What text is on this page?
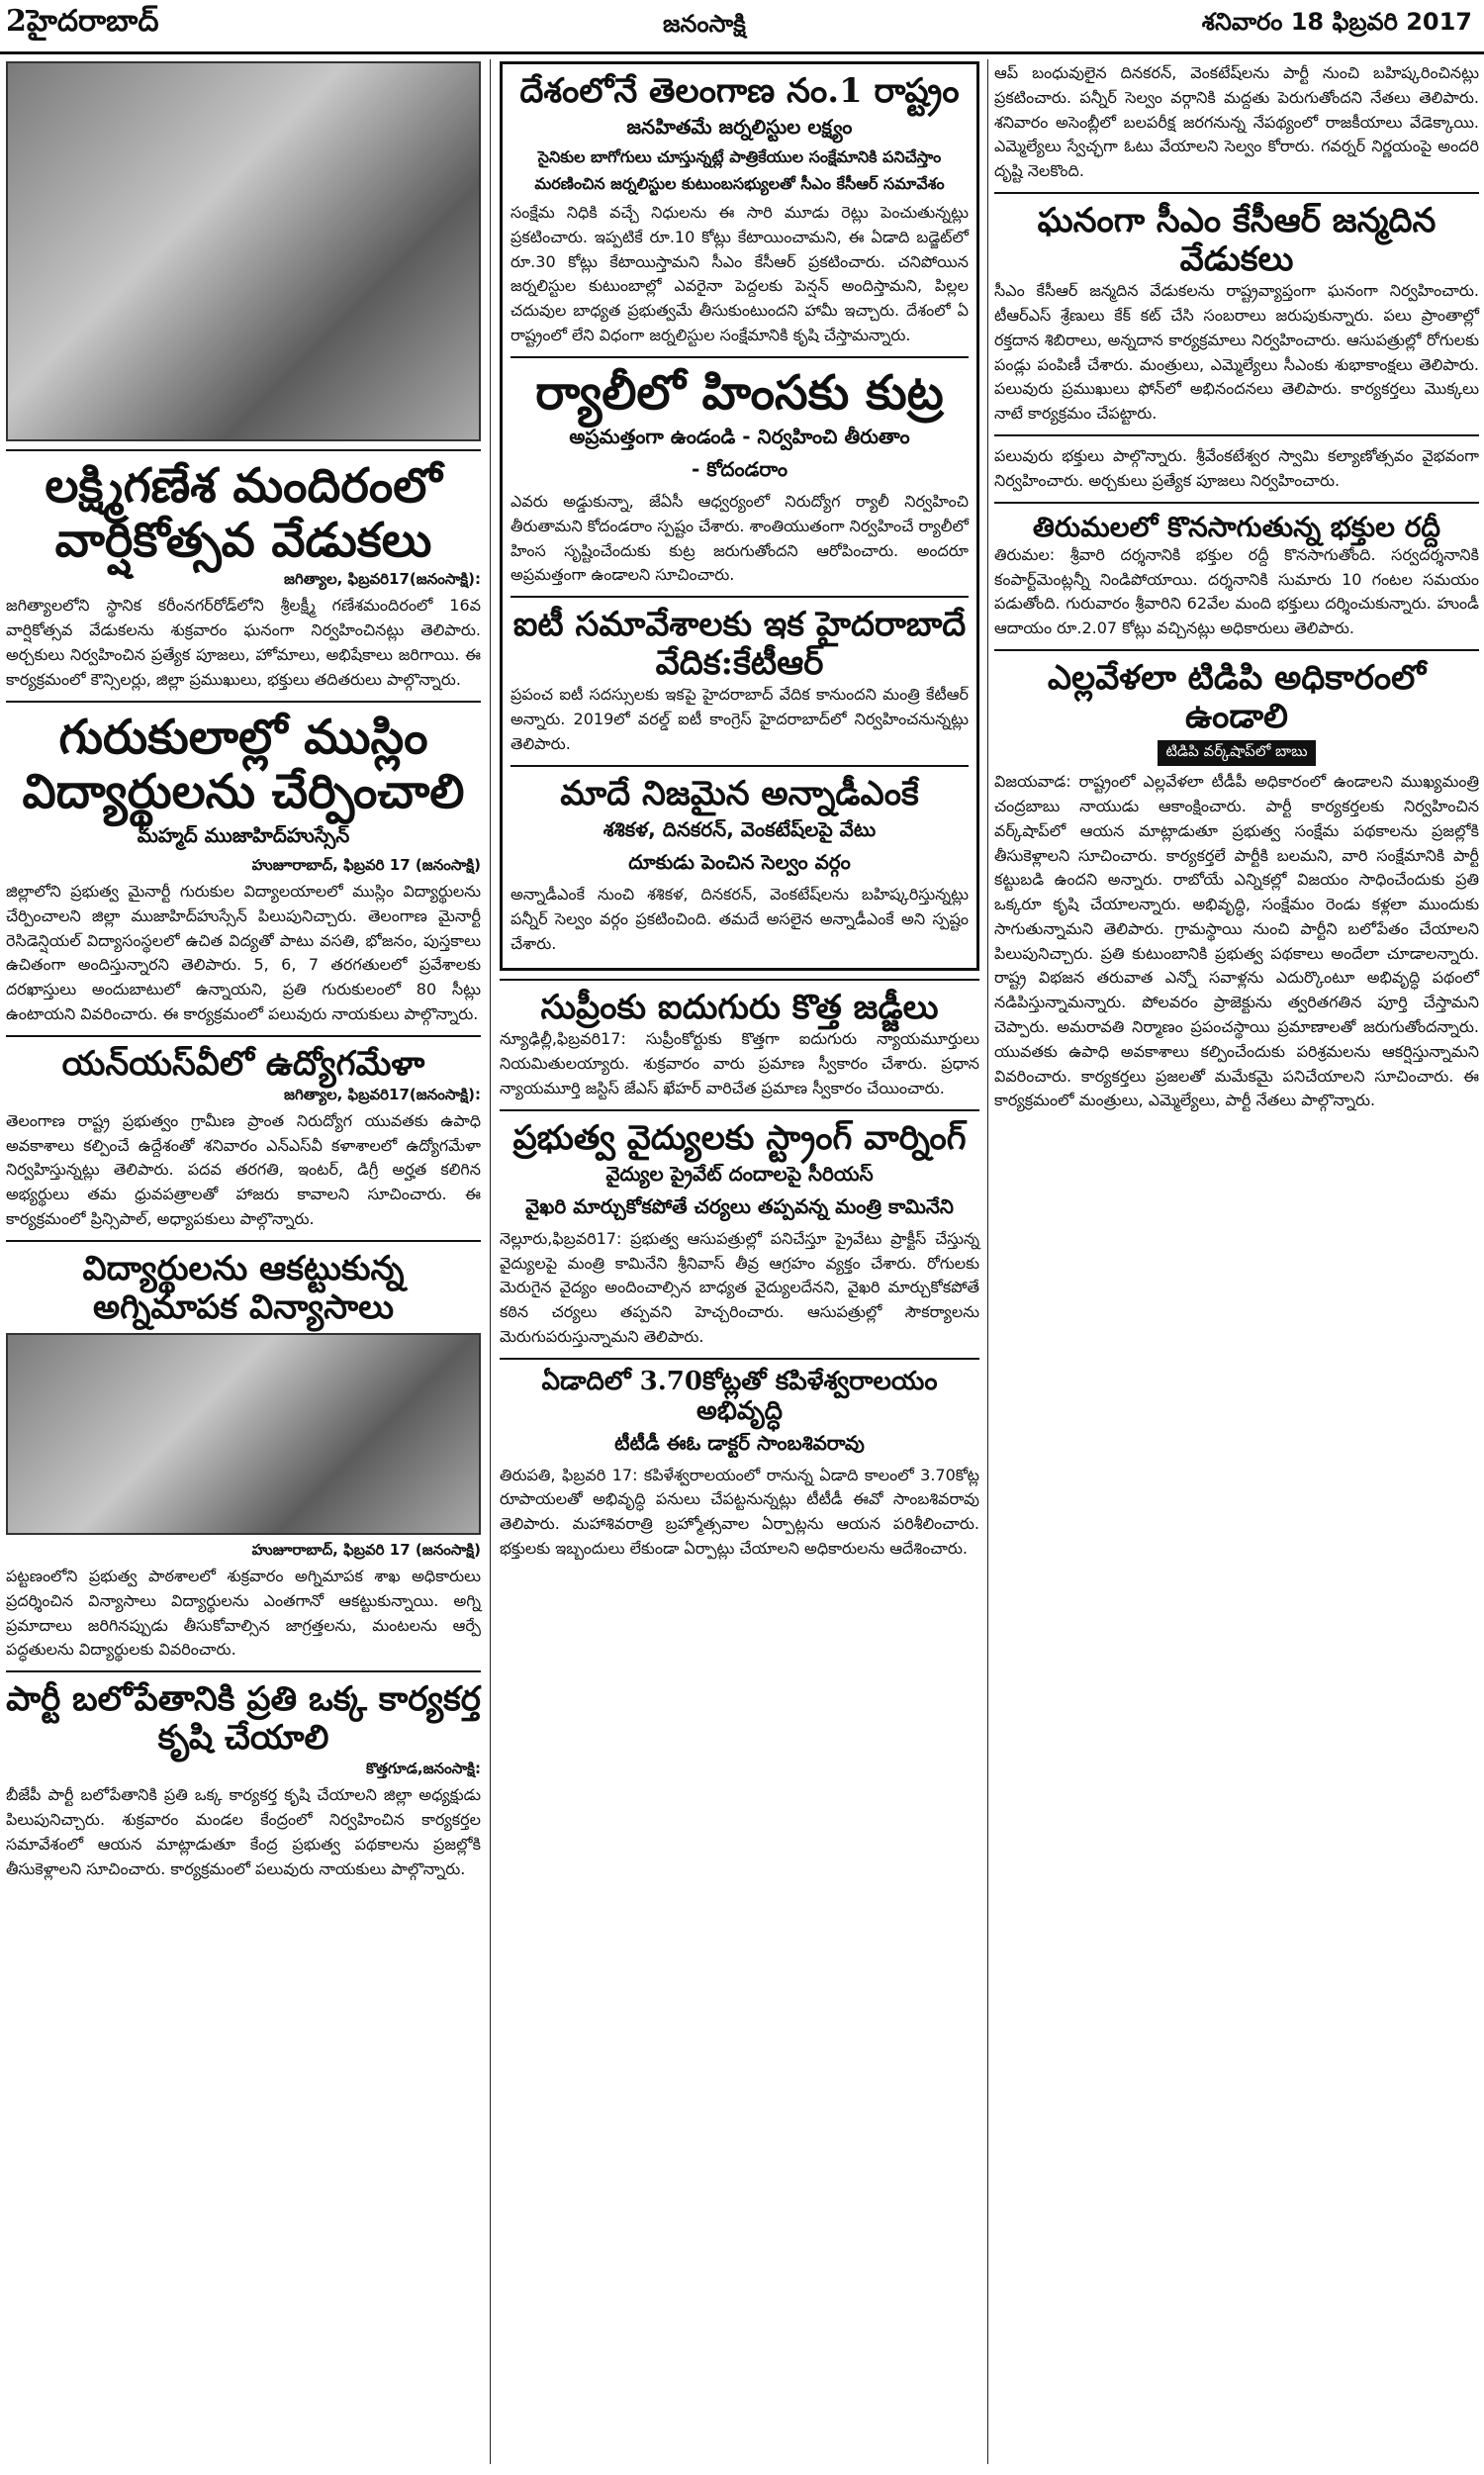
2హైదరాబాద్	జనంసాక్షి	శనివారం 18 ఫిబ్రవరి 2017
లక్ష్మిగణేశ మందిరంలో వార్షికోత్సవ వేడుకలు
జగిత్యాల, ఫిబ్రవరి17(జనంసాక్షి):

జగిత్యాలలోని స్థానిక కరీంనగర్‌రోడ్‌లోని శ్రీలక్ష్మీ గణేశమందిరంలో 16వ వార్షికోత్సవ వేడుకలను శుక్రవారం ఘనంగా నిర్వహించినట్లు తెలిపారు. అర్చకులు నిర్వహించిన ప్రత్యేక పూజలు, హోమాలు, అభిషేకాలు జరిగాయి. ఈ కార్యక్రమంలో కౌన్సిలర్లు, జిల్లా ప్రముఖులు, భక్తులు తదితరులు పాల్గొన్నారు.

గురుకులాల్లో ముస్లిం విద్యార్థులను చేర్పించాలి
మహ్మద్‌ ముజాహిద్‌హుస్సేన్‌
హుజూరాబాద్‌, ఫిబ్రవరి 17 (జనంసాక్షి)

జిల్లాలోని ప్రభుత్వ మైనార్టీ గురుకుల విద్యాలయాలలో ముస్లిం విద్యార్థులను చేర్పించాలని జిల్లా ముజాహిద్‌హుస్సేన్‌ పిలుపునిచ్చారు. తెలంగాణ మైనార్టీ రెసిడెన్షియల్‌ విద్యాసంస్థలలో ఉచిత విద్యతో పాటు వసతి, భోజనం, పుస్తకాలు ఉచితంగా అందిస్తున్నారని తెలిపారు. 5, 6, 7 తరగతులలో ప్రవేశాలకు దరఖాస్తులు అందుబాటులో ఉన్నాయని, ప్రతి గురుకులంలో 80 సీట్లు ఉంటాయని వివరించారు. ఈ కార్యక్రమంలో పలువురు నాయకులు పాల్గొన్నారు.

యన్‌యస్‌వీలో ఉద్యోగమేళా
జగిత్యాల, ఫిబ్రవరి17(జనంసాక్షి):

తెలంగాణ రాష్ట్ర ప్రభుత్వం గ్రామీణ ప్రాంత నిరుద్యోగ యువతకు ఉపాధి అవకాశాలు కల్పించే ఉద్దేశంతో శనివారం ఎన్‌ఎస్‌వీ కళాశాలలో ఉద్యోగమేళా నిర్వహిస్తున్నట్లు తెలిపారు. పదవ తరగతి, ఇంటర్‌, డిగ్రీ అర్హత కలిగిన అభ్యర్థులు తమ ధ్రువపత్రాలతో హాజరు కావాలని సూచించారు. ఈ కార్యక్రమంలో ప్రిన్సిపాల్‌, అధ్యాపకులు పాల్గొన్నారు.

విద్యార్థులను ఆకట్టుకున్న అగ్నిమాపక విన్యాసాలు
హుజూరాబాద్‌, ఫిబ్రవరి 17 (జనంసాక్షి)

పట్టణంలోని ప్రభుత్వ పాఠశాలలో శుక్రవారం అగ్నిమాపక శాఖ అధికారులు ప్రదర్శించిన విన్యాసాలు విద్యార్థులను ఎంతగానో ఆకట్టుకున్నాయి. అగ్ని ప్రమాదాలు జరిగినప్పుడు తీసుకోవాల్సిన జాగ్రత్తలను, మంటలను ఆర్పే పద్ధతులను విద్యార్థులకు వివరించారు.

పార్టీ బలోపేతానికి ప్రతి ఒక్క కార్యకర్త కృషి చేయాలి
కొత్తగూడ,జనంసాక్షి:

బీజేపీ పార్టీ బలోపేతానికి ప్రతి ఒక్క కార్యకర్త కృషి చేయాలని జిల్లా అధ్యక్షుడు పిలుపునిచ్చారు. శుక్రవారం మండల కేంద్రంలో నిర్వహించిన కార్యకర్తల సమావేశంలో ఆయన మాట్లాడుతూ కేంద్ర ప్రభుత్వ పథకాలను ప్రజల్లోకి తీసుకెళ్లాలని సూచించారు. కార్యక్రమంలో పలువురు నాయకులు పాల్గొన్నారు.

దేశంలోనే తెలంగాణ నం.1 రాష్ట్రం
జనహితమే జర్నలిస్టుల లక్ష్యం
సైనికుల బాగోగులు చూస్తున్నట్లే పాత్రికేయుల సంక్షేమానికి పనిచేస్తాం
మరణించిన జర్నలిస్టుల కుటుంబసభ్యులతో సీఎం కేసీఆర్‌ సమావేశం

సంక్షేమ నిధికి వచ్చే నిధులను ఈ సారి మూడు రెట్లు పెంచుతున్నట్లు ప్రకటించారు. ఇప్పటికే రూ.10 కోట్లు కేటాయించామని, ఈ ఏడాది బడ్జెట్‌లో రూ.30 కోట్లు కేటాయిస్తామని సీఎం కేసీఆర్‌ ప్రకటించారు. చనిపోయిన జర్నలిస్టుల కుటుంబాల్లో ఎవరైనా పెద్దలకు పెన్షన్‌ అందిస్తామని, పిల్లల చదువుల బాధ్యత ప్రభుత్వమే తీసుకుంటుందని హామీ ఇచ్చారు. దేశంలో ఏ రాష్ట్రంలో లేని విధంగా జర్నలిస్టుల సంక్షేమానికి కృషి చేస్తామన్నారు.

ర్యాలీలో హింసకు కుట్ర
అప్రమత్తంగా ఉండండి - నిర్వహించి తీరుతాం
- కోదండరాం

ఎవరు అడ్డుకున్నా, జేఏసీ ఆధ్వర్యంలో నిరుద్యోగ ర్యాలీ నిర్వహించి తీరుతామని కోదండరాం స్పష్టం చేశారు. శాంతియుతంగా నిర్వహించే ర్యాలీలో హింస సృష్టించేందుకు కుట్ర జరుగుతోందని ఆరోపించారు. అందరూ అప్రమత్తంగా ఉండాలని సూచించారు.

ఐటీ సమావేశాలకు ఇక హైదరాబాదే వేదిక:కేటీఆర్‌

ప్రపంచ ఐటీ సదస్సులకు ఇకపై హైదరాబాద్‌ వేదిక కానుందని మంత్రి కేటీఆర్‌ అన్నారు. 2019లో వరల్డ్‌ ఐటీ కాంగ్రెస్‌ హైదరాబాద్‌లో నిర్వహించనున్నట్లు తెలిపారు.

మాదే నిజమైన అన్నాడీఎంకే
శశికళ, దినకరన్‌, వెంకటేష్‌లపై వేటు
దూకుడు పెంచిన సెల్వం వర్గం

అన్నాడీఎంకే నుంచి శశికళ, దినకరన్‌, వెంకటేష్‌లను బహిష్కరిస్తున్నట్లు పన్నీర్‌ సెల్వం వర్గం ప్రకటించింది. తమదే అసలైన అన్నాడీఎంకే అని స్పష్టం చేశారు.

సుప్రీంకు ఐదుగురు కొత్త జడ్జీలు

న్యూఢిల్లీ,ఫిబ్రవరి17: సుప్రీంకోర్టుకు కొత్తగా ఐదుగురు న్యాయమూర్తులు నియమితులయ్యారు. శుక్రవారం వారు ప్రమాణ స్వీకారం చేశారు. ప్రధాన న్యాయమూర్తి జస్టిస్‌ జేఎస్‌ ఖేహర్‌ వారిచేత ప్రమాణ స్వీకారం చేయించారు.

ప్రభుత్వ వైద్యులకు స్ట్రాంగ్‌ వార్నింగ్‌
వైద్యుల ప్రైవేట్‌ దందాలపై సీరియస్‌
వైఖరి మార్చుకోకపోతే చర్యలు తప్పవన్న మంత్రి కామినేని

నెల్లూరు,ఫిబ్రవరి17: ప్రభుత్వ ఆసుపత్రుల్లో పనిచేస్తూ ప్రైవేటు ప్రాక్టీస్‌ చేస్తున్న వైద్యులపై మంత్రి కామినేని శ్రీనివాస్‌ తీవ్ర ఆగ్రహం వ్యక్తం చేశారు. రోగులకు మెరుగైన వైద్యం అందించాల్సిన బాధ్యత వైద్యులదేనని, వైఖరి మార్చుకోకపోతే కఠిన చర్యలు తప్పవని హెచ్చరించారు. ఆసుపత్రుల్లో సౌకర్యాలను మెరుగుపరుస్తున్నామని తెలిపారు.

ఏడాదిలో 3.70కోట్లతో కపిళేశ్వరాలయం అభివృద్ధి
టీటీడీ ఈఓ డాక్టర్‌ సాంబశివరావు

తిరుపతి, ఫిబ్రవరి 17: కపిళేశ్వరాలయంలో రానున్న ఏడాది కాలంలో 3.70కోట్ల రూపాయలతో అభివృద్ధి పనులు చేపట్టనున్నట్లు టీటీడీ ఈవో సాంబశివరావు తెలిపారు. మహాశివరాత్రి బ్రహ్మోత్సవాల ఏర్పాట్లను ఆయన పరిశీలించారు. భక్తులకు ఇబ్బందులు లేకుండా ఏర్పాట్లు చేయాలని అధికారులను ఆదేశించారు.

ఆప్‌ బంధువులైన దినకరన్‌, వెంకటేష్‌లను పార్టీ నుంచి బహిష్కరించినట్లు ప్రకటించారు. పన్నీర్‌ సెల్వం వర్గానికి మద్దతు పెరుగుతోందని నేతలు తెలిపారు. శనివారం అసెంబ్లీలో బలపరీక్ష జరగనున్న నేపథ్యంలో రాజకీయాలు వేడెక్కాయి. ఎమ్మెల్యేలు స్వేచ్ఛగా ఓటు వేయాలని సెల్వం కోరారు. గవర్నర్‌ నిర్ణయంపై అందరి దృష్టి నెలకొంది.

ఘనంగా సీఎం కేసీఆర్‌ జన్మదిన వేడుకలు

సీఎం కేసీఆర్‌ జన్మదిన వేడుకలను రాష్ట్రవ్యాప్తంగా ఘనంగా నిర్వహించారు. టీఆర్‌ఎస్‌ శ్రేణులు కేక్‌ కట్‌ చేసి సంబరాలు జరుపుకున్నారు. పలు ప్రాంతాల్లో రక్తదాన శిబిరాలు, అన్నదాన కార్యక్రమాలు నిర్వహించారు. ఆసుపత్రుల్లో రోగులకు పండ్లు పంపిణీ చేశారు. మంత్రులు, ఎమ్మెల్యేలు సీఎంకు శుభాకాంక్షలు తెలిపారు. పలువురు ప్రముఖులు ఫోన్‌లో అభినందనలు తెలిపారు. కార్యకర్తలు మొక్కలు నాటే కార్యక్రమం చేపట్టారు.

పలువురు భక్తులు పాల్గొన్నారు. శ్రీవేంకటేశ్వర స్వామి కల్యాణోత్సవం వైభవంగా నిర్వహించారు. అర్చకులు ప్రత్యేక పూజలు నిర్వహించారు.

తిరుమలలో కొనసాగుతున్న భక్తుల రద్దీ

తిరుమల: శ్రీవారి దర్శనానికి భక్తుల రద్దీ కొనసాగుతోంది. సర్వదర్శనానికి కంపార్ట్‌మెంట్లన్నీ నిండిపోయాయి. దర్శనానికి సుమారు 10 గంటల సమయం పడుతోంది. గురువారం శ్రీవారిని 62వేల మంది భక్తులు దర్శించుకున్నారు. హుండీ ఆదాయం రూ.2.07 కోట్లు వచ్చినట్లు అధికారులు తెలిపారు.

ఎల్లవేళలా టిడిపి అధికారంలో ఉండాలి
టిడిపి వర్క్‌షాప్‌లో బాబు

విజయవాడ: రాష్ట్రంలో ఎల్లవేళలా టీడీపీ అధికారంలో ఉండాలని ముఖ్యమంత్రి చంద్రబాబు నాయుడు ఆకాంక్షించారు. పార్టీ కార్యకర్తలకు నిర్వహించిన వర్క్‌షాప్‌లో ఆయన మాట్లాడుతూ ప్రభుత్వ సంక్షేమ పథకాలను ప్రజల్లోకి తీసుకెళ్లాలని సూచించారు. కార్యకర్తలే పార్టీకి బలమని, వారి సంక్షేమానికి పార్టీ కట్టుబడి ఉందని అన్నారు. రాబోయే ఎన్నికల్లో విజయం సాధించేందుకు ప్రతి ఒక్కరూ కృషి చేయాలన్నారు. అభివృద్ధి, సంక్షేమం రెండు కళ్లలా ముందుకు సాగుతున్నామని తెలిపారు. గ్రామస్థాయి నుంచి పార్టీని బలోపేతం చేయాలని పిలుపునిచ్చారు. ప్రతి కుటుంబానికి ప్రభుత్వ పథకాలు అందేలా చూడాలన్నారు. రాష్ట్ర విభజన తరువాత ఎన్నో సవాళ్లను ఎదుర్కొంటూ అభివృద్ధి పథంలో నడిపిస్తున్నామన్నారు. పోలవరం ప్రాజెక్టును త్వరితగతిన పూర్తి చేస్తామని చెప్పారు. అమరావతి నిర్మాణం ప్రపంచస్థాయి ప్రమాణాలతో జరుగుతోందన్నారు. యువతకు ఉపాధి అవకాశాలు కల్పించేందుకు పరిశ్రమలను ఆకర్షిస్తున్నామని వివరించారు. కార్యకర్తలు ప్రజలతో మమేకమై పనిచేయాలని సూచించారు. ఈ కార్యక్రమంలో మంత్రులు, ఎమ్మెల్యేలు, పార్టీ నేతలు పాల్గొన్నారు.
